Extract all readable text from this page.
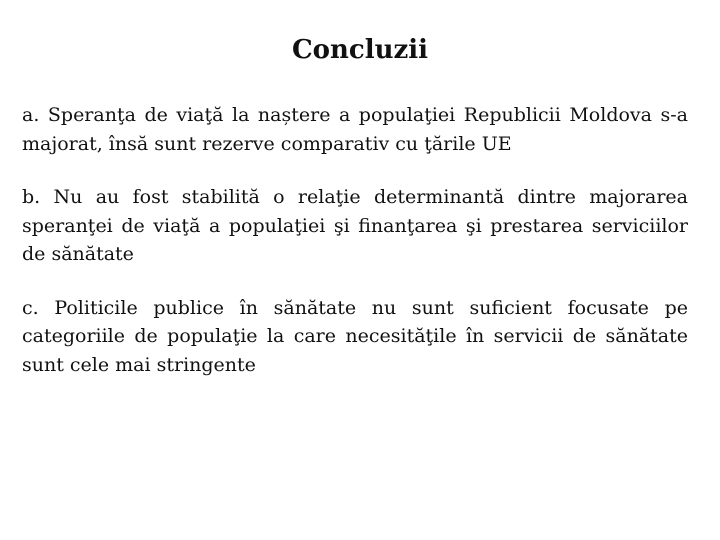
Concluzii
a. Speranţa de viaţă la naștere a populaţiei Republicii Moldova s-a majorat, însă sunt rezerve comparativ cu ţările UE
b. Nu au fost stabilită o relaţie determinantă dintre majorarea speranţei de viaţă a populaţiei şi finanţarea şi prestarea serviciilor de sănătate
c. Politicile publice în sănătate nu sunt suficient focusate pe categoriile de populaţie la care necesităţile în servicii de sănătate sunt cele mai stringente
